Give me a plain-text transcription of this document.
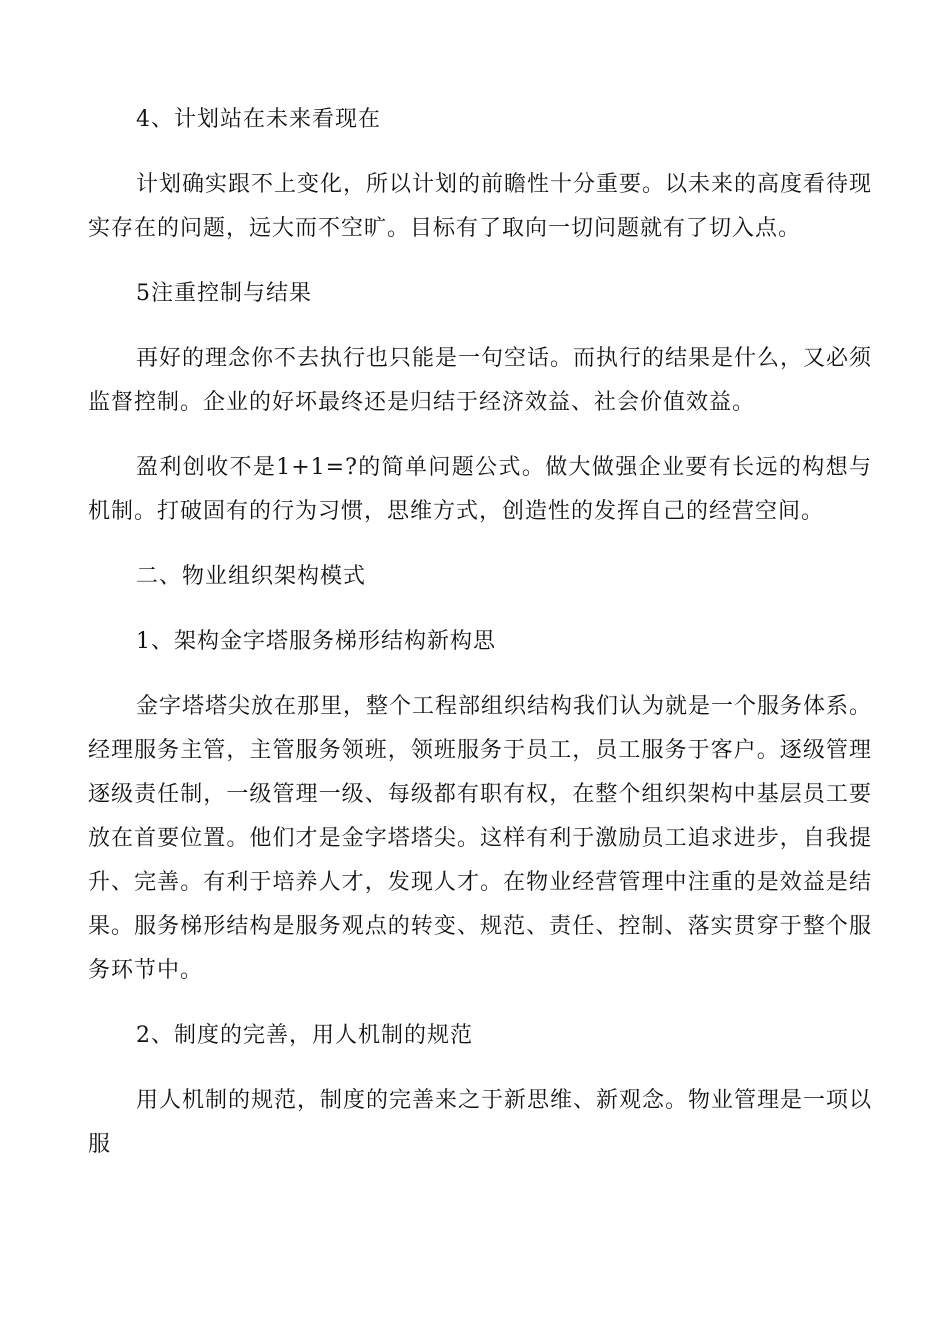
4、计划站在未来看现在

计划确实跟不上变化，所以计划的前瞻性十分重要。以未来的高度看待现实存在的问题，远大而不空旷。目标有了取向一切问题就有了切入点。

5注重控制与结果

再好的理念你不去执行也只能是一句空话。而执行的结果是什么，又必须监督控制。企业的好坏最终还是归结于经济效益、社会价值效益。

盈利创收不是1+1=?的简单问题公式。做大做强企业要有长远的构想与机制。打破固有的行为习惯，思维方式，创造性的发挥自己的经营空间。

二、物业组织架构模式

1、架构金字塔服务梯形结构新构思

金字塔塔尖放在那里，整个工程部组织结构我们认为就是一个服务体系。经理服务主管，主管服务领班，领班服务于员工，员工服务于客户。逐级管理逐级责任制，一级管理一级、每级都有职有权，在整个组织架构中基层员工要放在首要位置。他们才是金字塔塔尖。这样有利于激励员工追求进步，自我提升、完善。有利于培养人才，发现人才。在物业经营管理中注重的是效益是结果。服务梯形结构是服务观点的转变、规范、责任、控制、落实贯穿于整个服务环节中。

2、制度的完善，用人机制的规范

用人机制的规范，制度的完善来之于新思维、新观念。物业管理是一项以服
